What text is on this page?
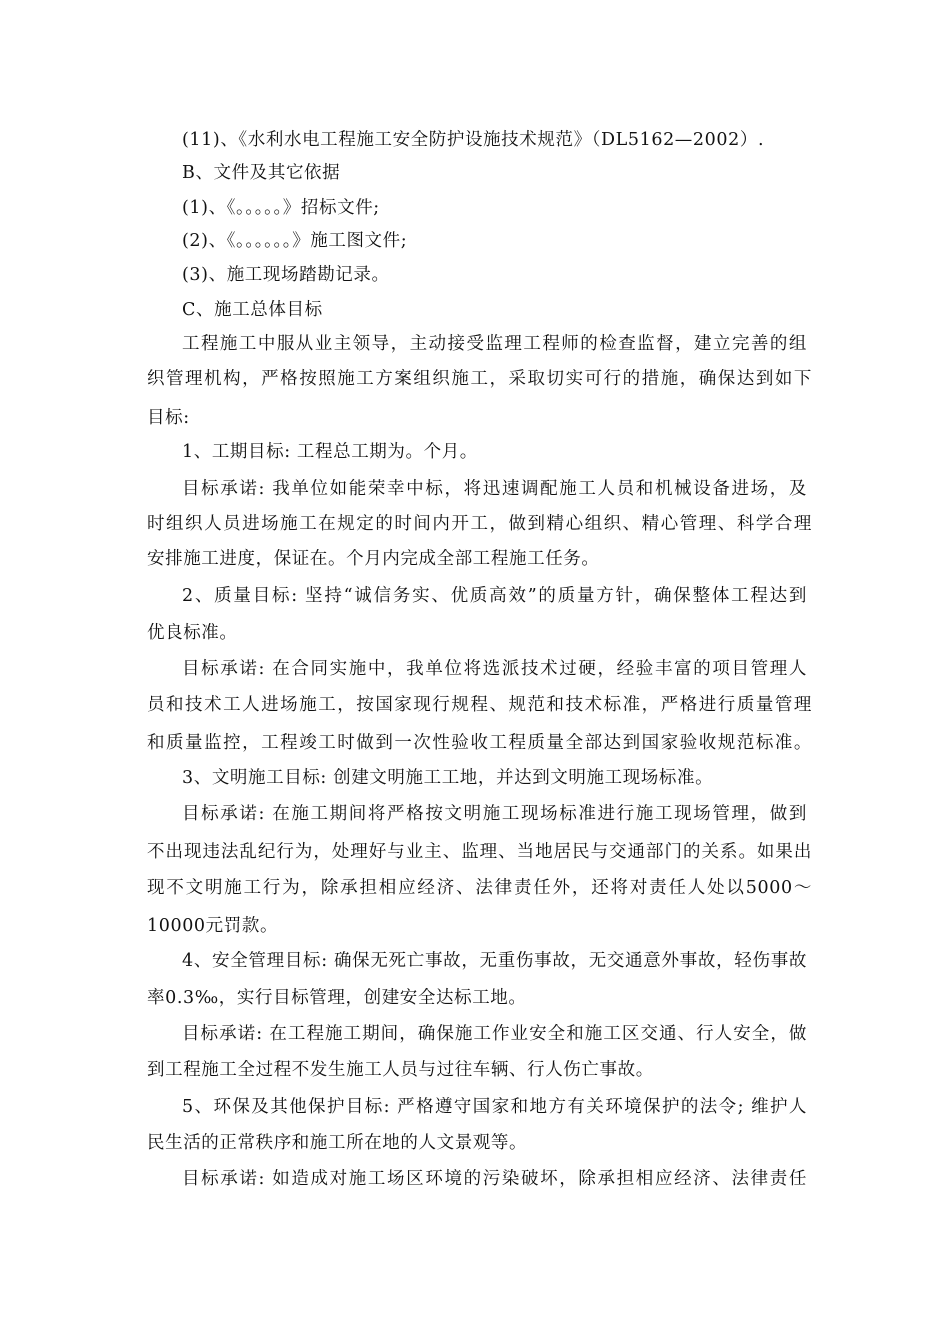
(11)、《水利水电工程施工安全防护设施技术规范》（DL5162—2002）.
B、文件及其它依据
(1)、《。。。。。》招标文件;
(2)、《。。。。。。》施工图文件;
(3)、施工现场踏勘记录。
C、施工总体目标
工程施工中服从业主领导，主动接受监理工程师的检查监督，建立完善的组
织管理机构，严格按照施工方案组织施工，采取切实可行的措施，确保达到如下
目标:
1、工期目标: 工程总工期为。个月。
目标承诺: 我单位如能荣幸中标，将迅速调配施工人员和机械设备进场，及
时组织人员进场施工在规定的时间内开工，做到精心组织、精心管理、科学合理
安排施工进度，保证在。个月内完成全部工程施工任务。
2、质量目标: 坚持“诚信务实、优质高效”的质量方针，确保整体工程达到
优良标准。
目标承诺: 在合同实施中，我单位将选派技术过硬，经验丰富的项目管理人
员和技术工人进场施工，按国家现行规程、规范和技术标准，严格进行质量管理
和质量监控，工程竣工时做到一次性验收工程质量全部达到国家验收规范标准。
3、文明施工目标: 创建文明施工工地，并达到文明施工现场标准。
目标承诺: 在施工期间将严格按文明施工现场标准进行施工现场管理，做到
不出现违法乱纪行为，处理好与业主、监理、当地居民与交通部门的关系。如果出
现不文明施工行为，除承担相应经济、法律责任外，还将对责任人处以5000～
10000元罚款。
4、安全管理目标: 确保无死亡事故，无重伤事故，无交通意外事故，轻伤事故
率0.3‰，实行目标管理，创建安全达标工地。
目标承诺: 在工程施工期间，确保施工作业安全和施工区交通、行人安全，做
到工程施工全过程不发生施工人员与过往车辆、行人伤亡事故。
5、环保及其他保护目标: 严格遵守国家和地方有关环境保护的法令; 维护人
民生活的正常秩序和施工所在地的人文景观等。
目标承诺: 如造成对施工场区环境的污染破坏，除承担相应经济、法律责任
